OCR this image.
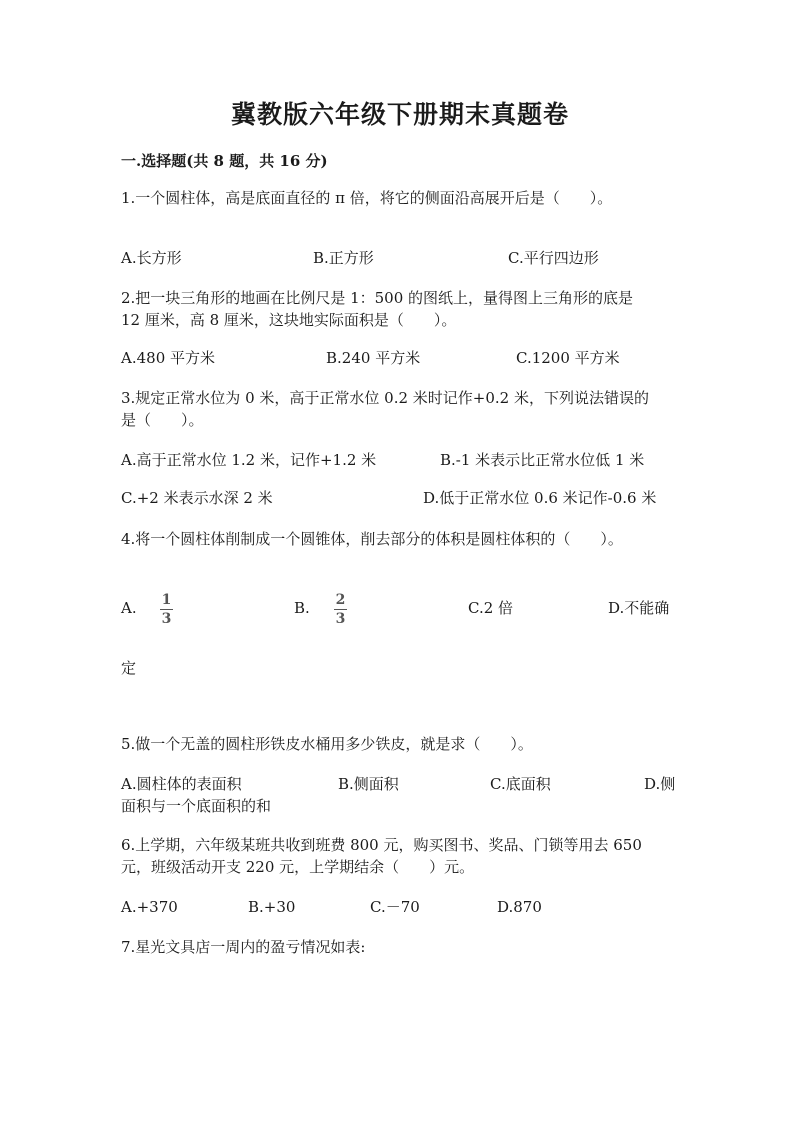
冀教版六年级下册期末真题卷
一.选择题(共 8 题，共 16 分)
1.一个圆柱体，高是底面直径的 π 倍，将它的侧面沿高展开后是（　　）。
A.长方形	B.正方形	C.平行四边形
2.把一块三角形的地画在比例尺是 1：500 的图纸上，量得图上三角形的底是
12 厘米，高 8 厘米，这块地实际面积是（　　）。
A.480 平方米	B.240 平方米	C.1200 平方米
3.规定正常水位为 0 米，高于正常水位 0.2 米时记作+0.2 米，下列说法错误的
是（　　）。
A.高于正常水位 1.2 米，记作+1.2 米	B.-1 米表示比正常水位低 1 米
C.+2 米表示水深 2 米	D.低于正常水位 0.6 米记作-0.6 米
4.将一个圆柱体削制成一个圆锥体，削去部分的体积是圆柱体积的（　　）。
A. 1
3
B. 2
3
C.2 倍	D.不能确
定
5.做一个无盖的圆柱形铁皮水桶用多少铁皮，就是求（　　）。
A.圆柱体的表面积	B.侧面积	C.底面积	D.侧
面积与一个底面积的和
6.上学期，六年级某班共收到班费 800 元，购买图书、奖品、门锁等用去 650
元，班级活动开支 220 元，上学期结余（　　）元。
A.+370	B.+30	C.－70	D.870
7.星光文具店一周内的盈亏情况如表:
